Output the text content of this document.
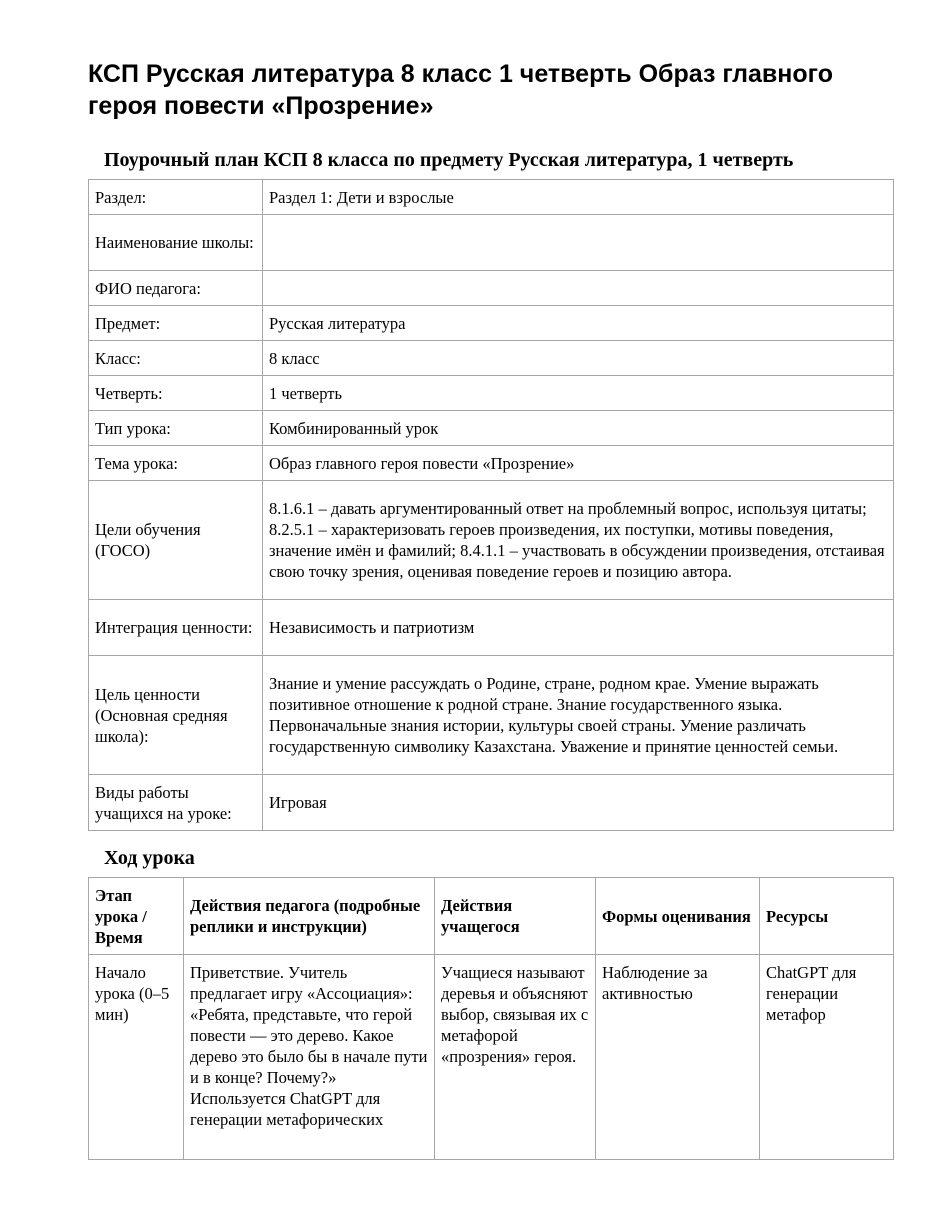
КСП Русская литература 8 класс 1 четверть Образ главного героя повести «Прозрение»
Поурочный план КСП 8 класса по предмету Русская литература, 1 четверть
Раздел:	Раздел 1: Дети и взрослые
Наименование школы:	
ФИО педагога:	
Предмет:	Русская литература
Класс:	8 класс
Четверть:	1 четверть
Тип урока:	Комбинированный урок
Тема урока:	Образ главного героя повести «Прозрение»
Цели обучения (ГОСО)	8.1.6.1 – давать аргументированный ответ на проблемный вопрос, используя цитаты; 8.2.5.1 – характеризовать героев произведения, их поступки, мотивы поведения, значение имён и фамилий; 8.4.1.1 – участвовать в обсуждении произведения, отстаивая свою точку зрения, оценивая поведение героев и позицию автора.
Интеграция ценности:	Независимость и патриотизм
Цель ценности (Основная средняя школа):	Знание и умение рассуждать о Родине, стране, родном крае. Умение выражать позитивное отношение к родной стране. Знание государственного языка. Первоначальные знания истории, культуры своей страны. Умение различать государственную символику Казахстана. Уважение и принятие ценностей семьи.
Виды работы учащихся на уроке:	Игровая
Ход урока
Этап урока / Время	Действия педагога (подробные реплики и инструкции)	Действия учащегося	Формы оценивания	Ресурсы
Начало урока (0–5 мин)	Приветствие. Учитель предлагает игру «Ассоциация»: «Ребята, представьте, что герой повести — это дерево. Какое дерево это было бы в начале пути и в конце? Почему?» Используется ChatGPT для генерации метафорических	Учащиеся называют деревья и объясняют выбор, связывая их с метафорой «прозрения» героя.	Наблюдение за активностью	ChatGPT для генерации метафор
